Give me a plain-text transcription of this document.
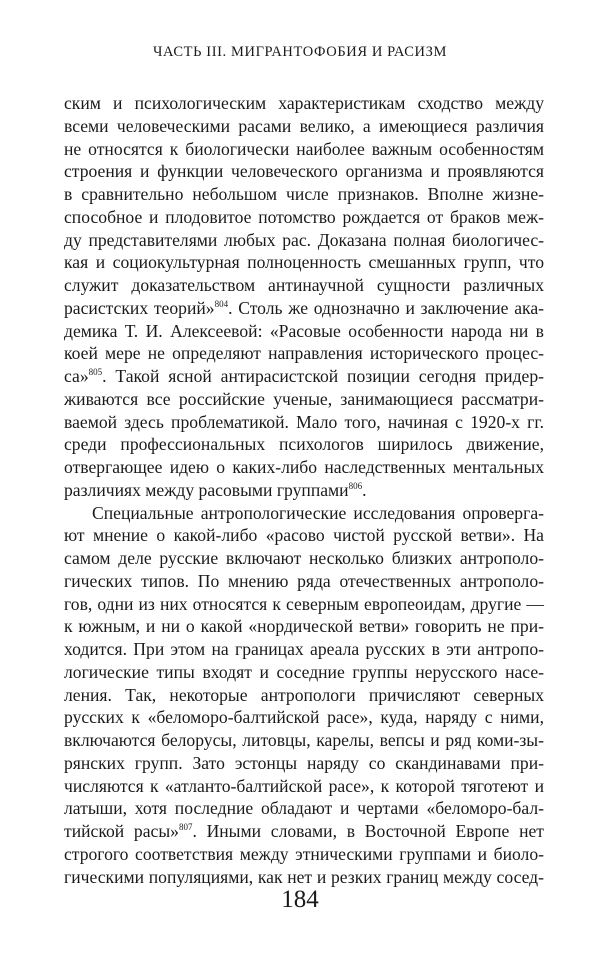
ЧАСТЬ III. МИГРАНТОФОБИЯ И РАСИЗМ
ским и психологическим характеристикам сходство между
всеми человеческими расами велико, а имеющиеся различия
не относятся к биологически наиболее важным особенностям
строения и функции человеческого организма и проявляются
в сравнительно небольшом числе признаков. Вполне жизне-
способное и плодовитое потомство рождается от браков меж-
ду представителями любых рас. Доказана полная биологичес-
кая и социокультурная полноценность смешанных групп, что
служит доказательством антинаучной сущности различных
расистских теорий»$^{804}$. Столь же однозначно и заключение ака-
демика Т. И. Алексеевой: «Расовые особенности народа ни в
коей мере не определяют направления исторического процес-
са»$^{805}$. Такой ясной антирасистской позиции сегодня придер-
живаются все российские ученые, занимающиеся рассматри-
ваемой здесь проблематикой. Мало того, начиная с 1920-х гг.
среди профессиональных психологов ширилось движение,
отвергающее идею о каких-либо наследственных ментальных
различиях между расовыми группами$^{806}$.
Специальные антропологические исследования опроверга-
ют мнение о какой-либо «расово чистой русской ветви». На
самом деле русские включают несколько близких антрополо-
гических типов. По мнению ряда отечественных антрополо-
гов, одни из них относятся к северным европеоидам, другие —
к южным, и ни о какой «нордической ветви» говорить не при-
ходится. При этом на границах ареала русских в эти антропо-
логические типы входят и соседние группы нерусского насе-
ления. Так, некоторые антропологи причисляют северных
русских к «беломоро-балтийской расе», куда, наряду с ними,
включаются белорусы, литовцы, карелы, вепсы и ряд коми-зы-
рянских групп. Зато эстонцы наряду со скандинавами при-
числяются к «атланто-балтийской расе», к которой тяготеют и
латыши, хотя последние обладают и чертами «беломоро-бал-
тийской расы»$^{807}$. Иными словами, в Восточной Европе нет
строгого соответствия между этническими группами и биоло-
гическими популяциями, как нет и резких границ между сосед-
184
